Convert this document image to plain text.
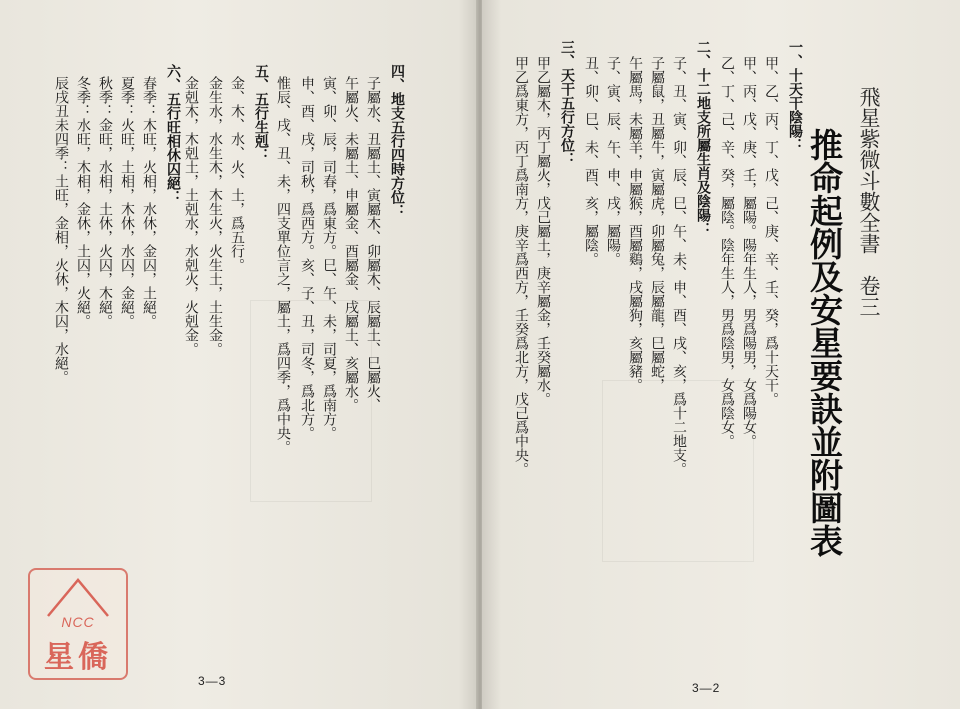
四、地支五行四時方位：
子屬水、丑屬土、寅屬木、卯屬木、辰屬土、巳屬火、
午屬火、未屬土、申屬金、酉屬金、戌屬土、亥屬水。
寅、卯、辰，司春，爲東方。巳、午、未，司夏，爲南方。
申、酉、戌，司秋，爲西方。亥、子、丑，司冬，爲北方。
惟辰、戌、丑、未，四支單位言之，屬土，爲四季，爲中央。
五、五行生剋：
金、木、水、火、土，爲五行。
金生水，水生木，木生火，火生土，土生金。
金剋木，木剋土，土剋水，水剋火，火剋金。
六、五行旺相休囚絕：
春季：木旺，火相，水休，金囚，土絕。
夏季：火旺，土相，木休，水囚，金絕。
秋季：金旺，水相，土休，火囚，木絕。
冬季：水旺，木相，金休，土囚，火絕。
辰戌丑未四季：土旺，金相，火休，木囚，水絕。
3—3
一、十天干陰陽：
甲、乙、丙、丁、戊、己、庚、辛、壬、癸，爲十天干。
甲、丙、戊、庚、壬，屬陽。陽年生人，男爲陽男，女爲陽女。
乙、丁、己、辛、癸，屬陰。陰年生人，男爲陰男，女爲陰女。
二、十二地支所屬生肖及陰陽：
子、丑、寅、卯、辰、巳、午、未、申、酉、戌、亥，爲十二地支。
子屬鼠，丑屬牛，寅屬虎，卯屬兔，辰屬龍，巳屬蛇，
午屬馬，未屬羊，申屬猴，酉屬鷄，戌屬狗，亥屬豬。
子、寅、辰、午、申、戌，屬陽。
丑、卯、巳、未、酉、亥，屬陰。
三、天干五行方位：
甲乙屬木，丙丁屬火，戊己屬土，庚辛屬金，壬癸屬水。
甲乙爲東方，丙丁爲南方，庚辛爲西方，壬癸爲北方，戊己爲中央。
3—2
飛星紫微斗數全書　卷三
推命起例及安星要訣並附圖表
NCC
星僑
